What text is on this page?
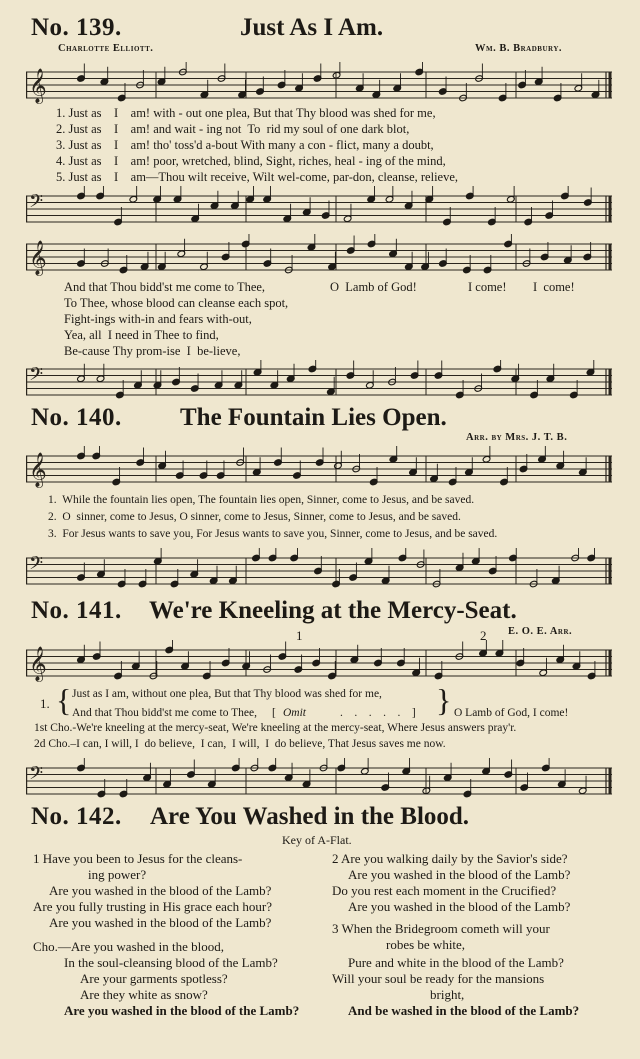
No. 139.	Just As I Am.
Charlotte Elliott.	Wm. B. Bradbury.
𝄞
1. Just as    I    am! with - out one plea, But that Thy blood was shed for me,
2. Just as    I    am! and wait - ing not  To  rid my soul of one dark blot,
3. Just as    I    am! tho' toss'd a-bout With many a con - flict, many a doubt,
4. Just as    I    am! poor, wretched, blind, Sight, riches, heal - ing of the mind,
5. Just as    I    am—Thou wilt receive, Wilt wel-come, par-don, cleanse, relieve,
𝄢
𝄞
And that Thou bidd'st me come to Thee,
To Thee, whose blood can cleanse each spot,
Fight-ings with-in and fears with-out,
Yea, all  I need in Thee to find,
Be-cause Thy prom-ise  I  be-lieve,
O  Lamb of God!	I come! I  come!
𝄢
No. 140. The Fountain Lies Open.
Arr. by Mrs. J. T. B.
𝄞
1.  While the fountain lies open, The fountain lies open, Sinner, come to Jesus, and be saved.
2.  O  sinner, come to Jesus, O sinner, come to Jesus, Sinner, come to Jesus, and be saved.
3.  For Jesus wants to save you, For Jesus wants to save you, Sinner, come to Jesus, and be saved.
𝄢
No. 141. We're Kneeling at the Mercy-Seat.
E. O. E. Arr.
1	2
𝄞
1. { Just as I am, without one plea, But that Thy blood was shed for me, }
And that Thou bidd'st me come to Thee, [ Omit	.    .    .    .    .    ]	O Lamb of God, I come!
1st Cho.-We're kneeling at the mercy-seat, We're kneeling at the mercy-seat, Where Jesus answers pray'r.
2d Cho.–I can, I will, I  do believe,  I can,  I will,  I  do believe, That Jesus saves me now.
𝄢
No. 142. Are You Washed in the Blood.
Key of A-Flat.
1 Have you been to Jesus for the cleans-
ing power?
Are you washed in the blood of the Lamb?
Are you fully trusting in His grace each hour?
Are you washed in the blood of the Lamb?
Cho.—Are you washed in the blood,
In the soul-cleansing blood of the Lamb?
Are your garments spotless?
Are they white as snow?
Are you washed in the blood of the Lamb?
2 Are you walking daily by the Savior's side?
Are you washed in the blood of the Lamb?
Do you rest each moment in the Crucified?
Are you washed in the blood of the Lamb?
3 When the Bridegroom cometh will your
robes be white,
Pure and white in the blood of the Lamb?
Will your soul be ready for the mansions
bright,
And be washed in the blood of the Lamb?
